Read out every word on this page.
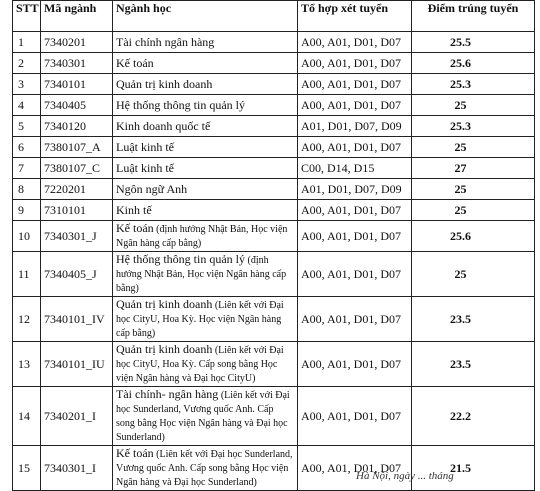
STT	Mã ngành	Ngành học	Tổ hợp xét tuyển	Điểm trúng tuyển
1	7340201	Tài chính ngân hàng	A00, A01, D01, D07	25.5
2	7340301	Kế toán	A00, A01, D01, D07	25.6
3	7340101	Quản trị kinh doanh	A00, A01, D01, D07	25.3
4	7340405	Hệ thống thông tin quản lý	A00, A01, D01, D07	25
5	7340120	Kinh doanh quốc tế	A01, D01, D07, D09	25.3
6	7380107_A	Luật kinh tế	A00, A01, D01, D07	25
7	7380107_C	Luật kinh tế	C00, D14, D15	27
8	7220201	Ngôn ngữ Anh	A01, D01, D07, D09	25
9	7310101	Kinh tế	A00, A01, D01, D07	25
10	7340301_J	Kế toán (định hướng Nhật Bản, Học viện Ngân hàng cấp bằng)	A00, A01, D01, D07	25.6
11	7340405_J	Hệ thống thông tin quản lý (định hướng Nhật Bản, Học viện Ngân hàng cấp bằng)	A00, A01, D01, D07	25
12	7340101_IV	Quản trị kinh doanh (Liên kết với Đại học CityU, Hoa Kỳ. Học viện Ngân hàng cấp bằng)	A00, A01, D01, D07	23.5
13	7340101_IU	Quản trị kinh doanh (Liên kết với Đại học CityU, Hoa Kỳ. Cấp song bằng Học viện Ngân hàng và Đại học CityU)	A00, A01, D01, D07	23.5
14	7340201_I	Tài chính- ngân hàng (Liên kết với Đại học Sunderland, Vương quốc Anh. Cấp song bằng Học viện Ngân hàng và Đại học Sunderland)	A00, A01, D01, D07	22.2
15	7340301_I	Kế toán (Liên kết với Đại học Sunderland, Vương quốc Anh. Cấp song bằng Học viện Ngân hàng và Đại học Sunderland)	A00, A01, D01, D07	21.5
Hà Nội, ngày ... tháng
